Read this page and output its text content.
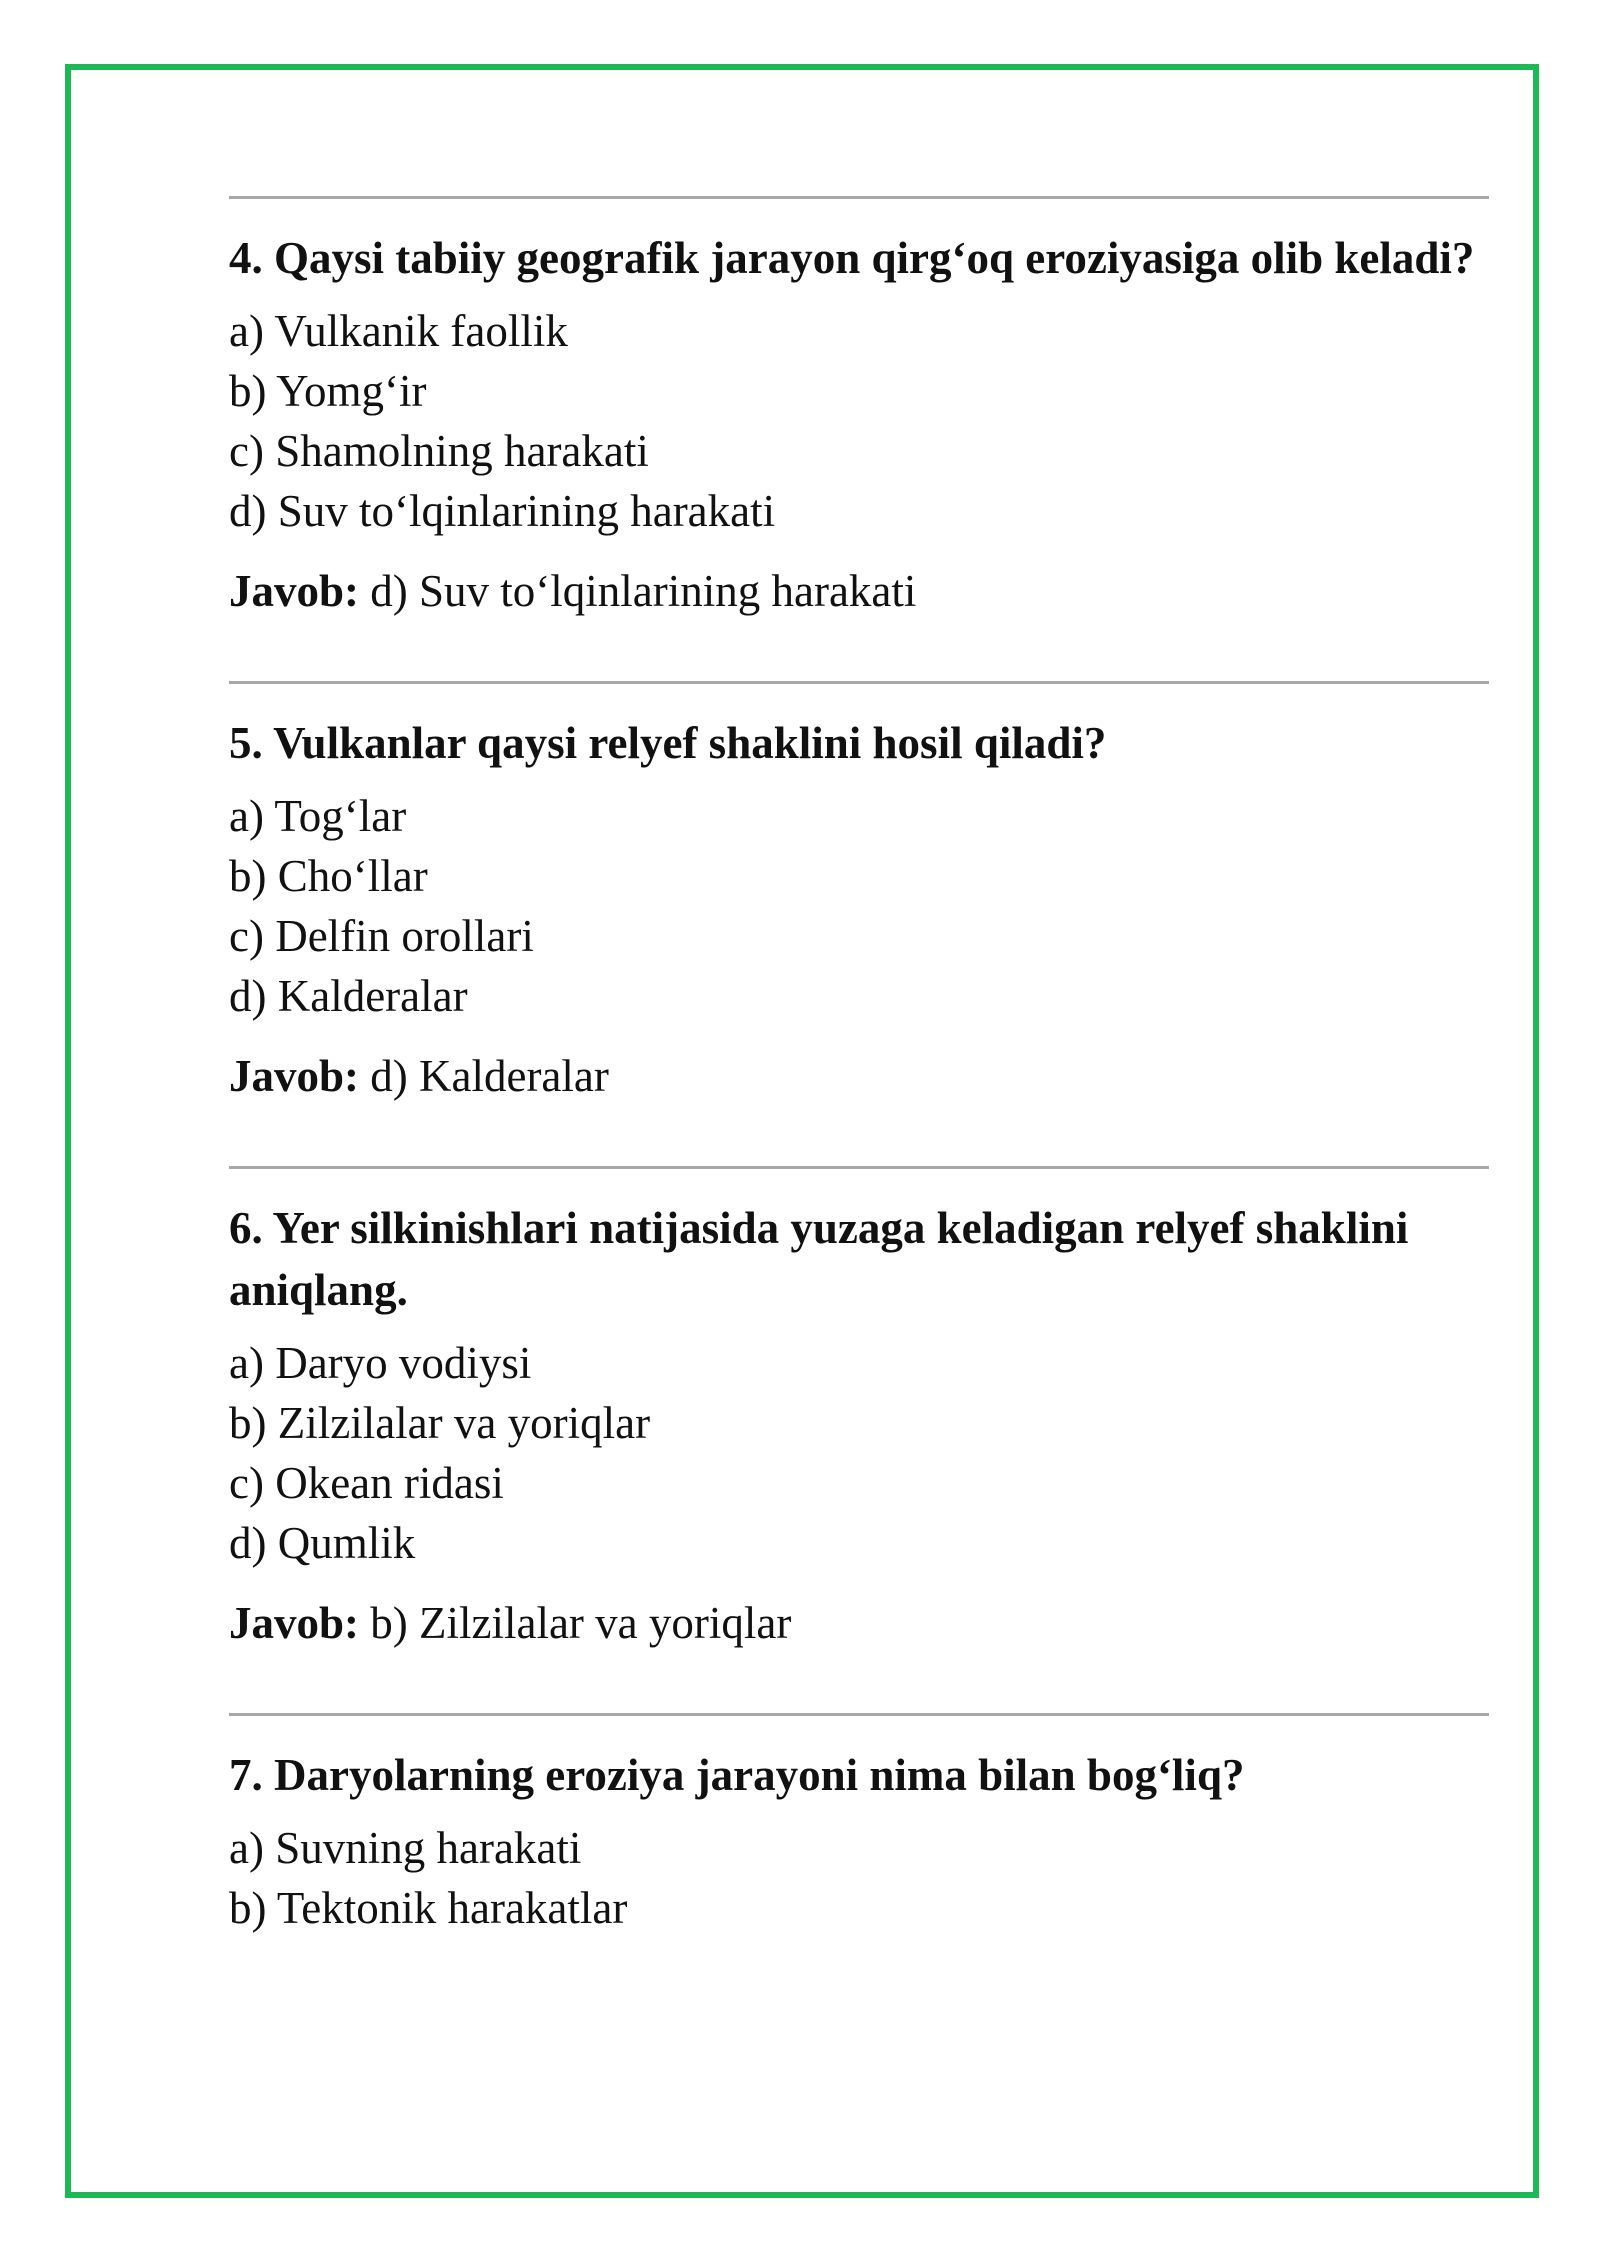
4. Qaysi tabiiy geografik jarayon qirg‘oq eroziyasiga olib keladi?

a) Vulkanik faollik
b) Yomg‘ir
c) Shamolning harakati
d) Suv to‘lqinlarining harakati
Javob: d) Suv to‘lqinlarining harakati

5. Vulkanlar qaysi relyef shaklini hosil qiladi?

a) Tog‘lar
b) Cho‘llar
c) Delfin orollari
d) Kalderalar
Javob: d) Kalderalar

6. Yer silkinishlari natijasida yuzaga keladigan relyef shaklini aniqlang.

a) Daryo vodiysi
b) Zilzilalar va yoriqlar
c) Okean ridasi
d) Qumlik
Javob: b) Zilzilalar va yoriqlar

7. Daryolarning eroziya jarayoni nima bilan bog‘liq?

a) Suvning harakati
b) Tektonik harakatlar
